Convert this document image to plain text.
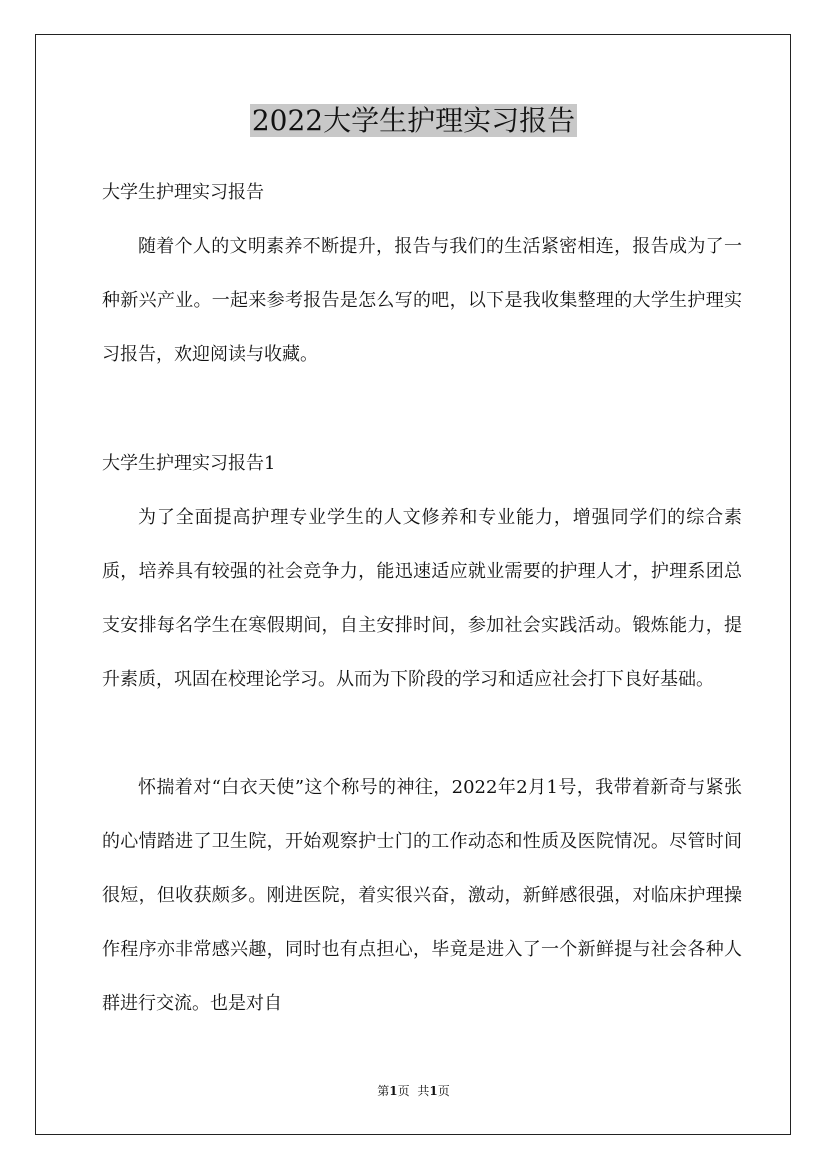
2022大学生护理实习报告

大学生护理实习报告

随着个人的文明素养不断提升，报告与我们的生活紧密相连，报告成为了一种新兴产业。一起来参考报告是怎么写的吧，以下是我收集整理的大学生护理实习报告，欢迎阅读与收藏。

大学生护理实习报告1

为了全面提高护理专业学生的人文修养和专业能力，增强同学们的综合素质，培养具有较强的社会竞争力，能迅速适应就业需要的护理人才，护理系团总支安排每名学生在寒假期间，自主安排时间，参加社会实践活动。锻炼能力，提升素质，巩固在校理论学习。从而为下阶段的学习和适应社会打下良好基础。

怀揣着对“白衣天使”这个称号的神往，2022年2月1号，我带着新奇与紧张的心情踏进了卫生院，开始观察护士门的工作动态和性质及医院情况。尽管时间很短，但收获颇多。刚进医院，着实很兴奋，激动，新鲜感很强，对临床护理操作程序亦非常感兴趣，同时也有点担心，毕竟是进入了一个新鲜提与社会各种人群进行交流。也是对自

第1页 共1页
